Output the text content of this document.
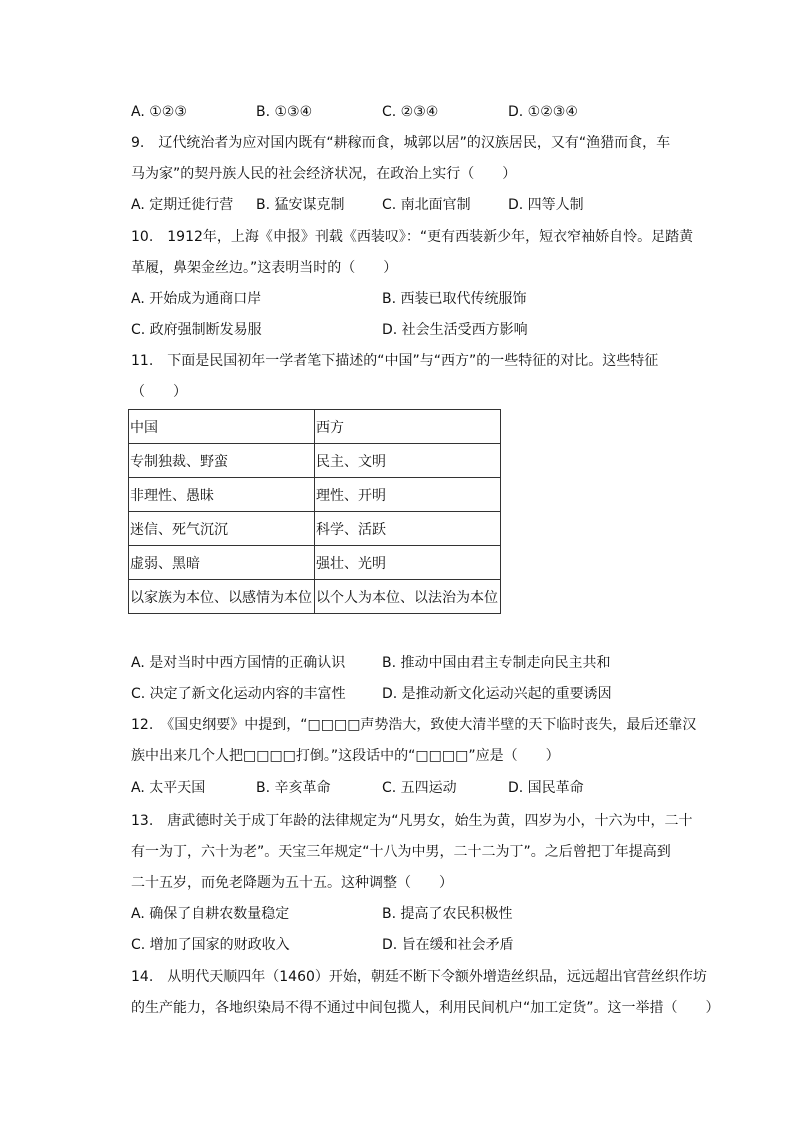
A. ①②③	B. ①③④	C. ②③④	D. ①②③④
9.　辽代统治者为应对国内既有“耕稼而食，城郭以居”的汉族居民，又有“渔猎而食，车
马为家”的契丹族人民的社会经济状况，在政治上实行（　　）
A. 定期迁徙行营 B. 猛安谋克制	C. 南北面官制	D. 四等人制
10.　1912年，上海《申报》刊载《西装叹》：“更有西装新少年，短衣窄袖娇自怜。足踏黄
革履，鼻架金丝边。”这表明当时的（　　）
A. 开始成为通商口岸	B. 西装已取代传统服饰
C. 政府强制断发易服	D. 社会生活受西方影响
11.　下面是民国初年一学者笔下描述的“中国”与“西方”的一些特征的对比。这些特征
（　　）
中国	西方
专制独裁、野蛮	民主、文明
非理性、愚昧	理性、开明
迷信、死气沉沉	科学、活跃
虚弱、黑暗	强壮、光明
以家族为本位、以感情为本位	以个人为本位、以法治为本位
A. 是对当时中西方国情的正确认识	B. 推动中国由君主专制走向民主共和
C. 决定了新文化运动内容的丰富性	D. 是推动新文化运动兴起的重要诱因
12.　《国史纲要》中提到，“□□□□声势浩大，致使大清半壁的天下临时丧失，最后还靠汉
族中出来几个人把□□□□打倒。”这段话中的“□□□□”应是（　　）
A. 太平天国	B. 辛亥革命	C. 五四运动	D. 国民革命
13.　唐武德时关于成丁年龄的法律规定为“凡男女，始生为黄，四岁为小，十六为中，二十
有一为丁，六十为老”。天宝三年规定“十八为中男，二十二为丁”。之后曾把丁年提高到
二十五岁，而免老降题为五十五。这种调整（　　）
A. 确保了自耕农数量稳定	B. 提高了农民积极性
C. 增加了国家的财政收入	D. 旨在缓和社会矛盾
14.　从明代天顺四年（1460）开始，朝廷不断下令额外增造丝织品，远远超出官营丝织作坊
的生产能力，各地织染局不得不通过中间包揽人，利用民间机户“加工定货”。这一举措（　　）
